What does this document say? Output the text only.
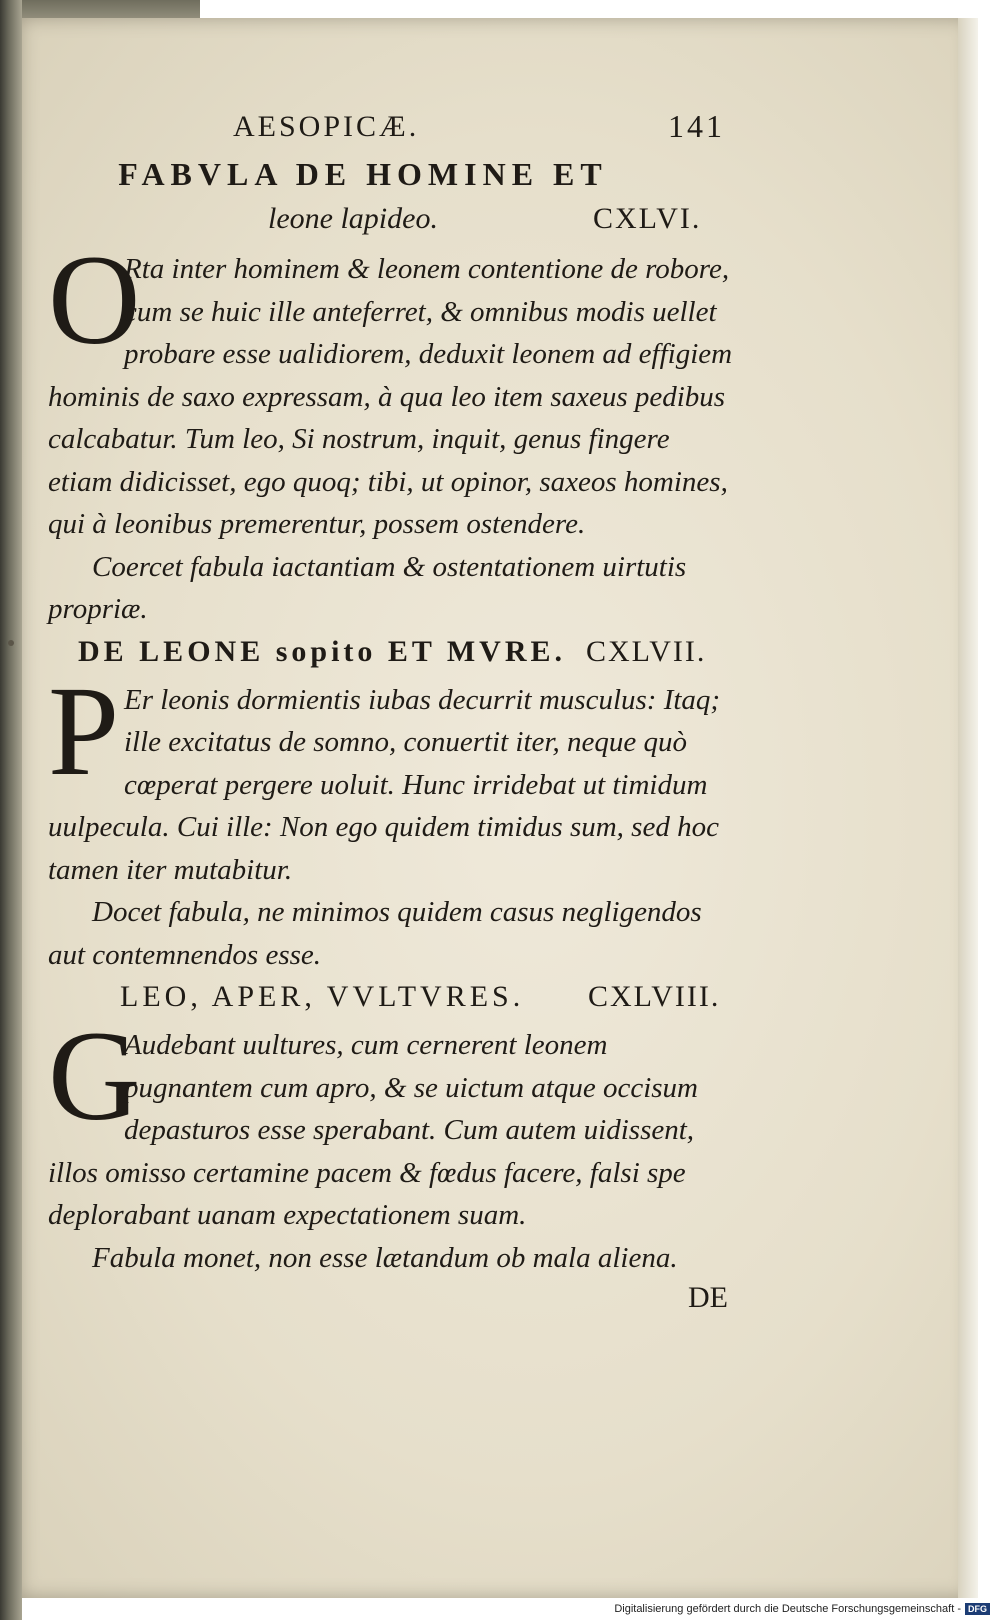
AESOPICÆ.	141
FABVLA DE HOMINE ET
leone lapideo.	CXLVI.
O

Rta inter hominem & leonem contentione de robore, cum se huic ille anteferret, & omnibus modis uellet probare esse ualidiorem, deduxit leonem ad effigiem hominis de saxo expressam, à qua leo item saxeus pedibus calcabatur. Tum leo, Si nostrum, inquit, genus fingere etiam didicisset, ego quoq; tibi, ut opinor, saxeos homines, qui à leonibus premerentur, possem ostendere.

Coercet fabula iactantiam & ostentationem uirtutis propriæ.

DE LEONE sopito ET MVRE. CXLVII.
P Er leonis dormientis iubas decurrit musculus: Itaq; ille excitatus de somno, conuertit iter, neque quò cœperat pergere uoluit. Hunc irridebat ut timidum uulpecula. Cui ille: Non ego quidem timidus sum, sed hoc tamen iter mutabitur.

Docet fabula, ne minimos quidem casus negligendos aut contemnendos esse.

LEO, APER, VVLTVRES. CXLVIII.
G

Audebant uultures, cum cernerent leonem pugnantem cum apro, & se uictum atque occisum depasturos esse sperabant. Cum autem uidissent, illos omisso certamine pacem & fœdus facere, falsi spe deplorabant uanam expectationem suam.

Fabula monet, non esse lætandum ob mala aliena.

DE
Digitalisierung gefördert durch die Deutsche Forschungsgemeinschaft - DFG
